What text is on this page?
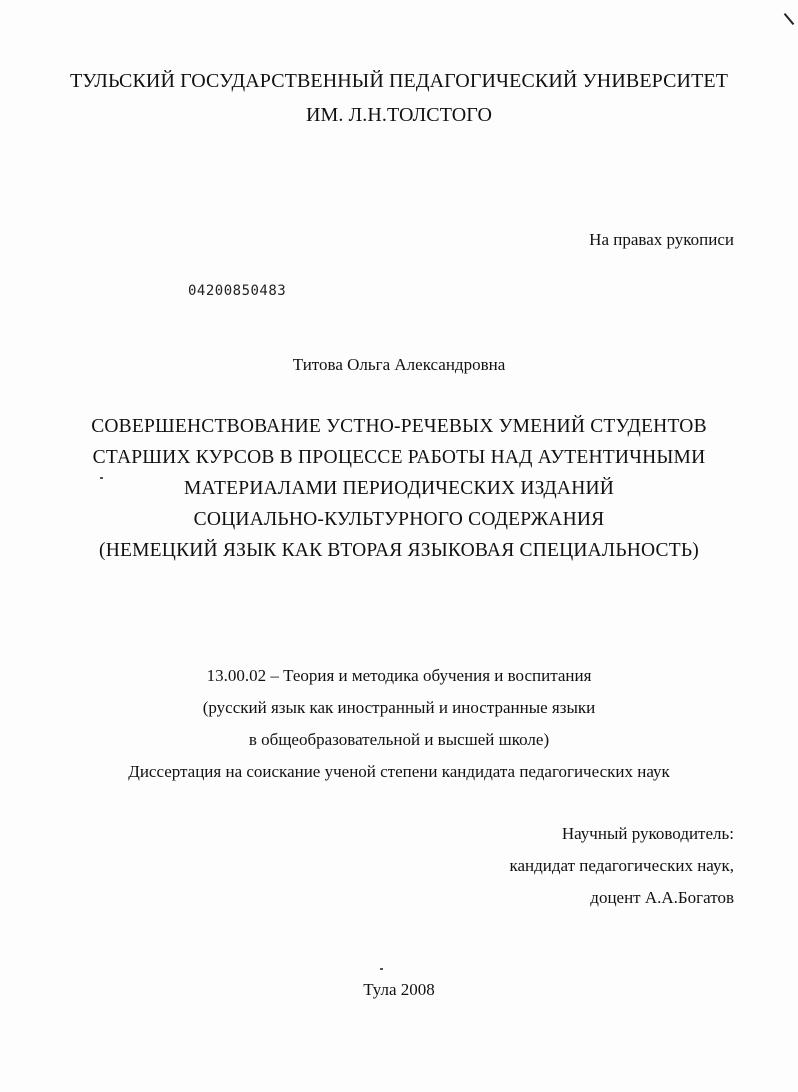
ТУЛЬСКИЙ ГОСУДАРСТВЕННЫЙ ПЕДАГОГИЧЕСКИЙ УНИВЕРСИТЕТ
ИМ. Л.Н.ТОЛСТОГО
На правах рукописи
04200850483
Титова Ольга Александровна
СОВЕРШЕНСТВОВАНИЕ УСТНО-РЕЧЕВЫХ УМЕНИЙ СТУДЕНТОВ
СТАРШИХ КУРСОВ В ПРОЦЕССЕ РАБОТЫ НАД АУТЕНТИЧНЫМИ
МАТЕРИАЛАМИ ПЕРИОДИЧЕСКИХ ИЗДАНИЙ
СОЦИАЛЬНО-КУЛЬТУРНОГО СОДЕРЖАНИЯ
(НЕМЕЦКИЙ ЯЗЫК КАК ВТОРАЯ ЯЗЫКОВАЯ СПЕЦИАЛЬНОСТЬ)
13.00.02 – Теория и методика обучения и воспитания
(русский язык как иностранный и иностранные языки
в общеобразовательной и высшей школе)
Диссертация на соискание ученой степени кандидата педагогических наук
Научный руководитель:
кандидат педагогических наук,
доцент А.А.Богатов
Тула 2008
